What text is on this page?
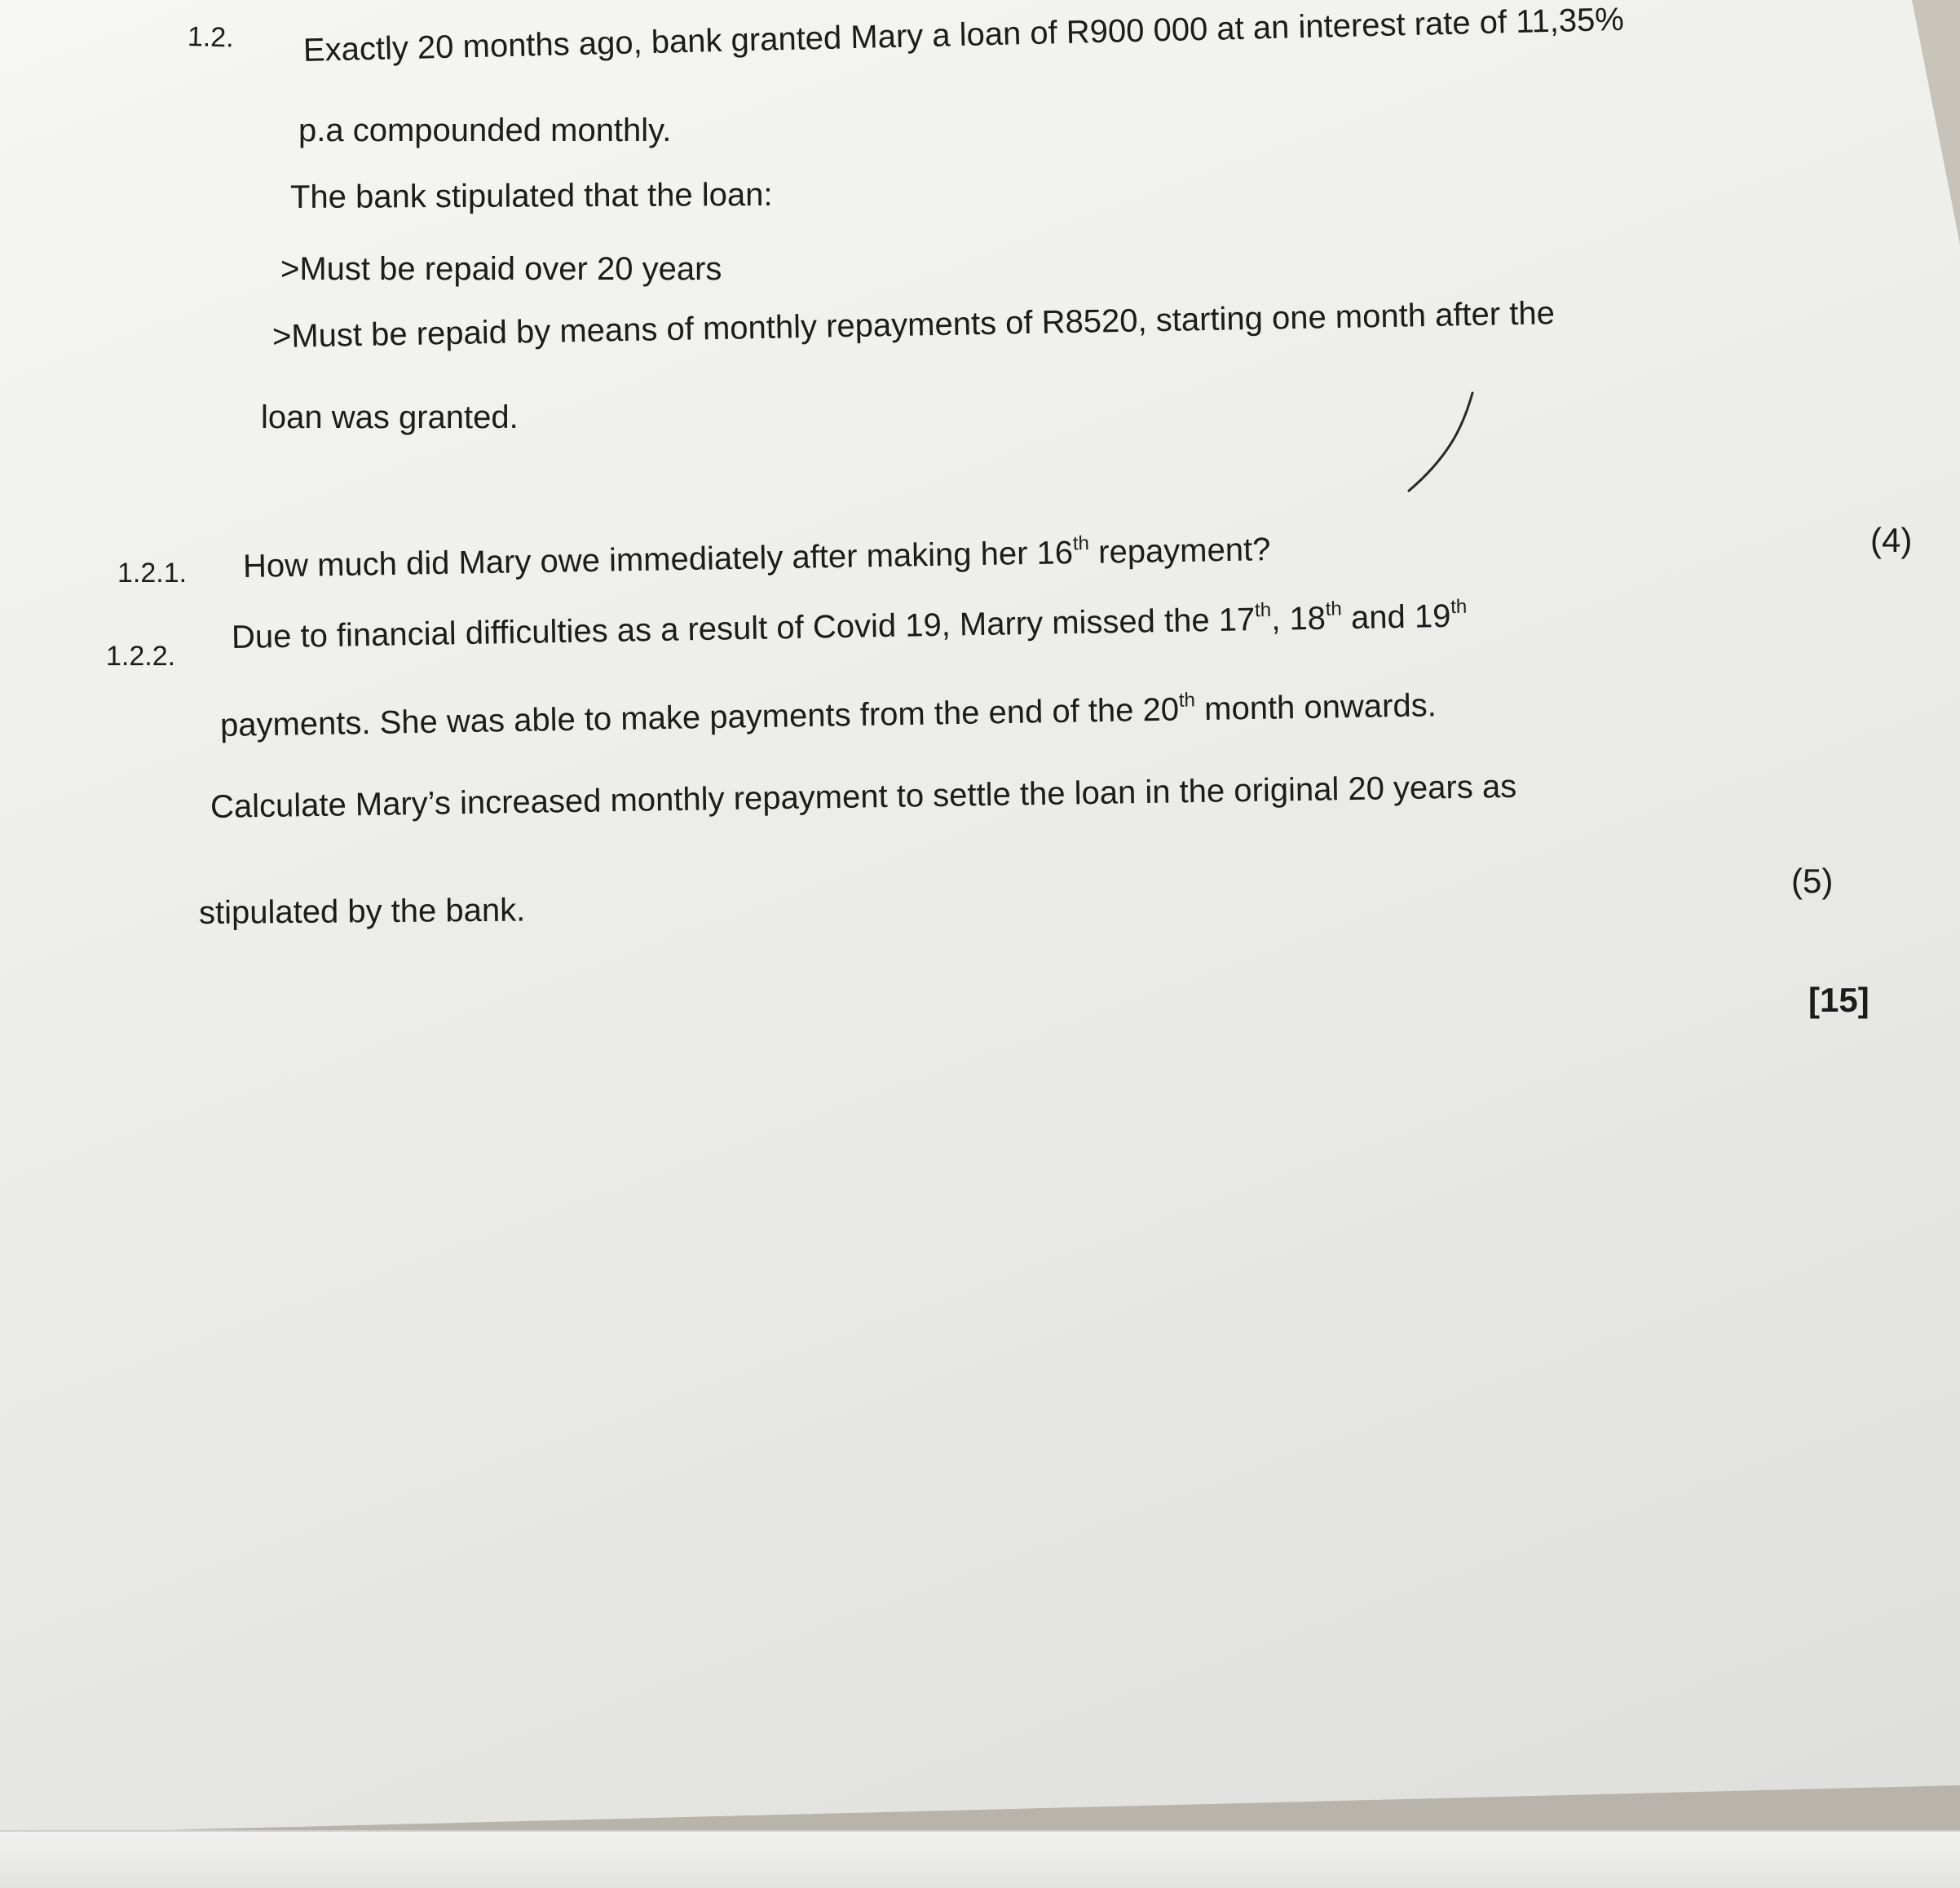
1.2. Exactly 20 months ago, bank granted Mary a loan of R900 000 at an interest rate of 11,35%
p.a compounded monthly.
The bank stipulated that the loan:
>Must be repaid over 20 years
>Must be repaid by means of monthly repayments of R8520, starting one month after the
loan was granted.
1.2.1. How much did Mary owe immediately after making her 16th repayment?	(4)
1.2.2.
Due to financial difficulties as a result of Covid 19, Marry missed the 17th, 18th and 19th
payments. She was able to make payments from the end of the 20th month onwards.
Calculate Mary’s increased monthly repayment to settle the loan in the original 20 years as
stipulated by the bank.
(5)
[15]
